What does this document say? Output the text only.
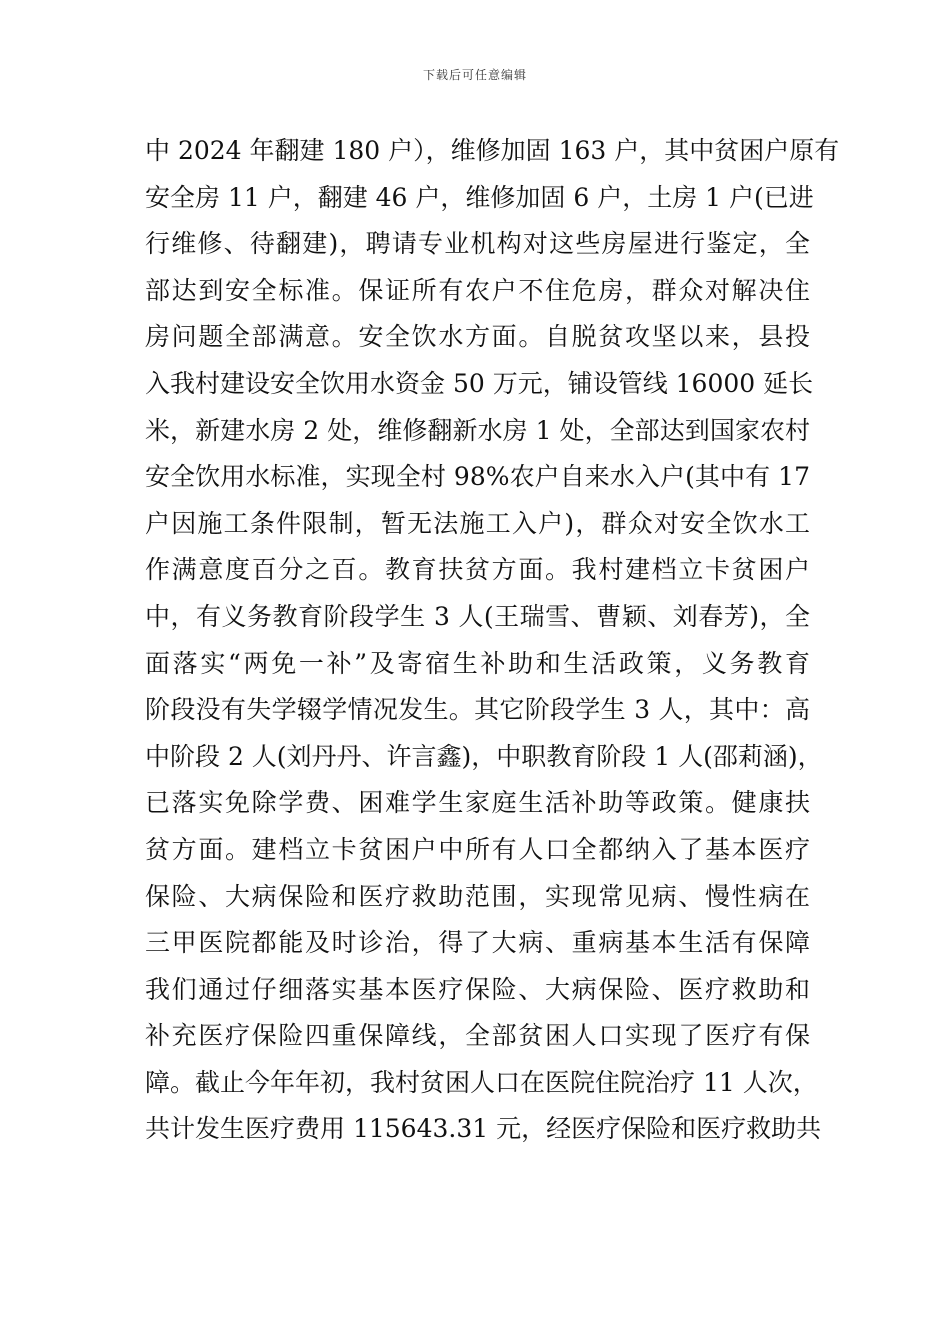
下载后可任意编辑
中 2024 年翻建 180 户），维修加固 163 户，其中贫困户原有
安全房 11 户，翻建 46 户，维修加固 6 户，土房 1 户(已进
行维修、待翻建)，聘请专业机构对这些房屋进行鉴定，全
部达到安全标准。保证所有农户不住危房，群众对解决住
房问题全部满意。安全饮水方面。自脱贫攻坚以来，县投
入我村建设安全饮用水资金 50 万元，铺设管线 16000 延长
米，新建水房 2 处，维修翻新水房 1 处，全部达到国家农村
安全饮用水标准，实现全村 98%农户自来水入户(其中有 17
户因施工条件限制，暂无法施工入户)，群众对安全饮水工
作满意度百分之百。教育扶贫方面。我村建档立卡贫困户
中，有义务教育阶段学生 3 人(王瑞雪、曹颖、刘春芳)，全
面落实“两免一补”及寄宿生补助和生活政策，义务教育
阶段没有失学辍学情况发生。其它阶段学生 3 人，其中：高
中阶段 2 人(刘丹丹、许言鑫)，中职教育阶段 1 人(邵莉涵)，
已落实免除学费、困难学生家庭生活补助等政策。健康扶
贫方面。建档立卡贫困户中所有人口全都纳入了基本医疗
保险、大病保险和医疗救助范围，实现常见病、慢性病在
三甲医院都能及时诊治，得了大病、重病基本生活有保障
我们通过仔细落实基本医疗保险、大病保险、医疗救助和
补充医疗保险四重保障线，全部贫困人口实现了医疗有保
障。截止今年年初，我村贫困人口在医院住院治疗 11 人次，
共计发生医疗费用 115643.31 元，经医疗保险和医疗救助共
